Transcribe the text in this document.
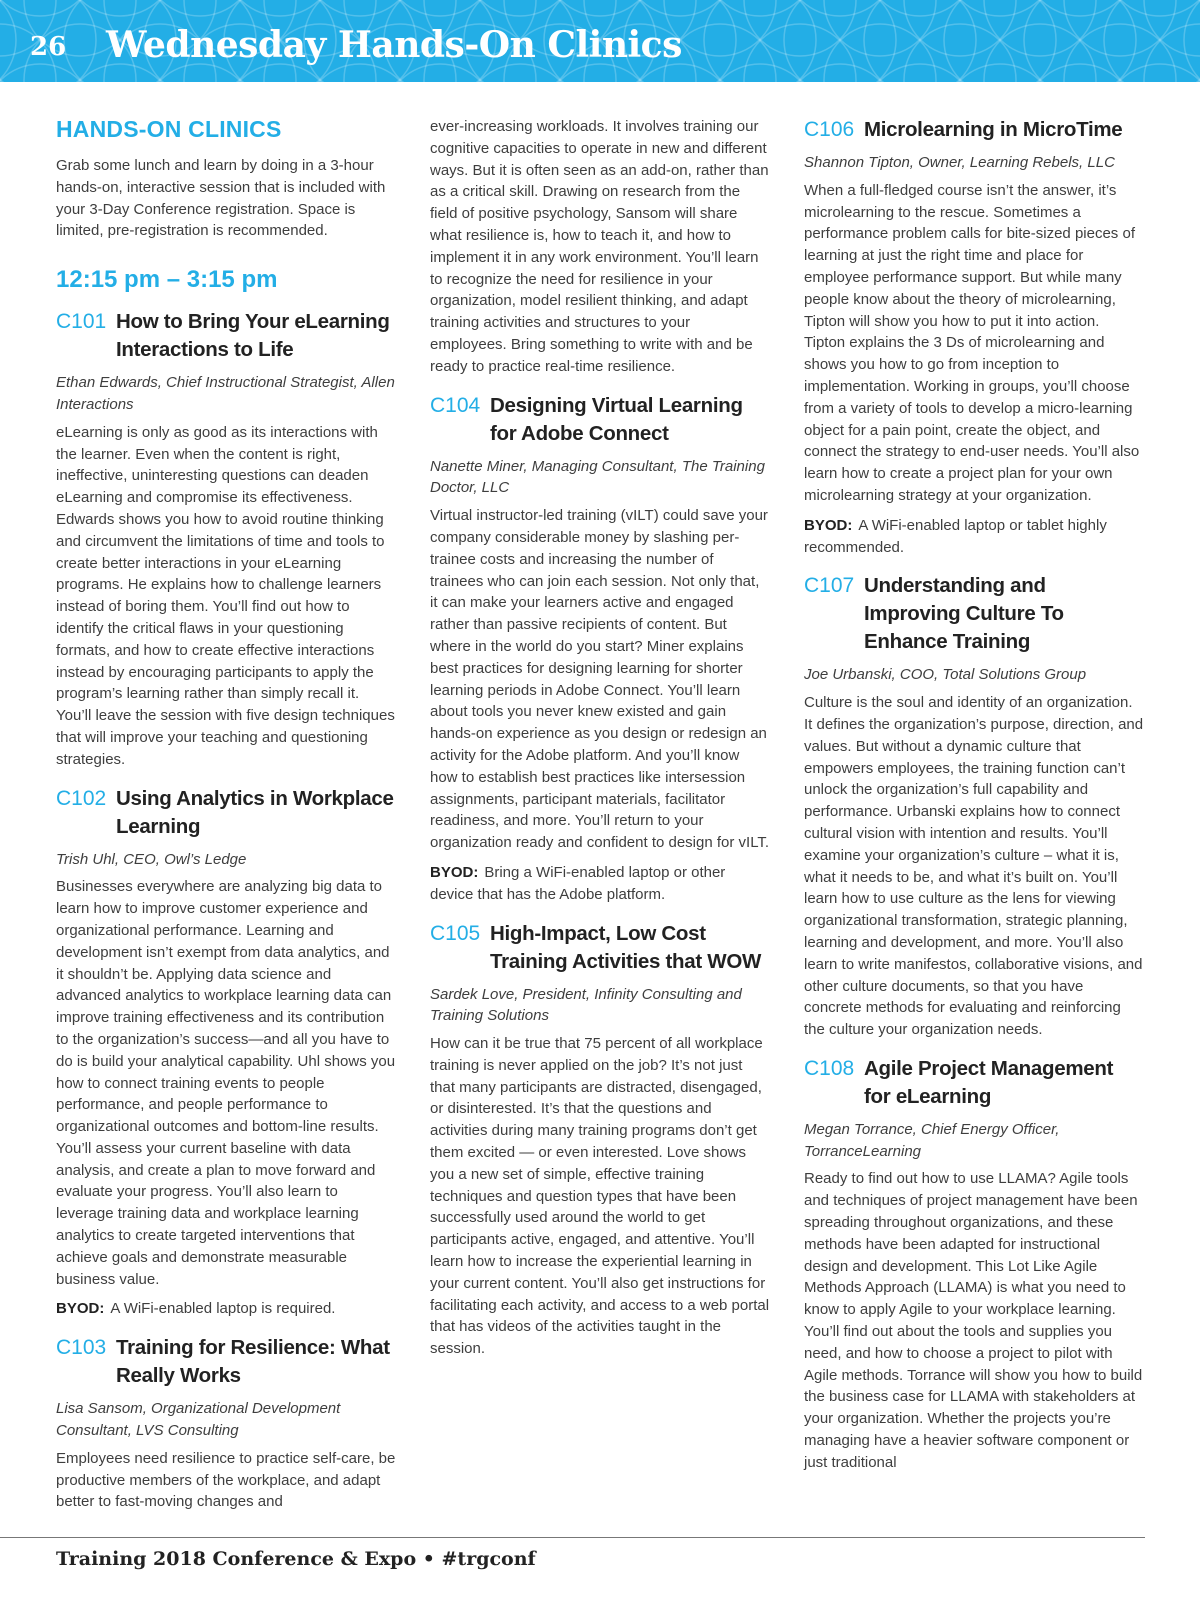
26 Wednesday Hands-On Clinics
HANDS-ON CLINICS

Grab some lunch and learn by doing in a 3-hour hands-on, interactive session that is included with your 3-Day Conference registration. Space is limited, pre-registration is recommended.

12:15 pm – 3:15 pm
C101 How to Bring Your eLearning Interactions to Life

Ethan Edwards, Chief Instructional Strategist, Allen Interactions

eLearning is only as good as its interactions with the learner. Even when the content is right, ineffective, uninteresting questions can deaden eLearning and compromise its effectiveness. Edwards shows you how to avoid routine thinking and circumvent the limitations of time and tools to create better interactions in your eLearning programs. He explains how to challenge learners instead of boring them. You’ll find out how to identify the critical flaws in your questioning formats, and how to create effective interactions instead by encouraging participants to apply the program’s learning rather than simply recall it. You’ll leave the session with five design techniques that will improve your teaching and questioning strategies.

C102 Using Analytics in Workplace Learning

Trish Uhl, CEO, Owl’s Ledge

Businesses everywhere are analyzing big data to learn how to improve customer experience and organizational performance. Learning and development isn’t exempt from data analytics, and it shouldn’t be. Applying data science and advanced analytics to workplace learning data can improve training effectiveness and its contribution to the organization’s success—and all you have to do is build your analytical capability. Uhl shows you how to connect training events to people performance, and people performance to organizational outcomes and bottom-line results. You’ll assess your current baseline with data analysis, and create a plan to move forward and evaluate your progress. You’ll also learn to leverage training data and workplace learning analytics to create targeted interventions that achieve goals and demonstrate measurable business value.

BYOD: A WiFi-enabled laptop is required.

C103 Training for Resilience: What Really Works

Lisa Sansom, Organizational Development Consultant, LVS Consulting

Employees need resilience to practice self-care, be productive members of the workplace, and adapt better to fast-moving changes and

ever-increasing workloads. It involves training our cognitive capacities to operate in new and different ways. But it is often seen as an add-on, rather than as a critical skill. Drawing on research from the field of positive psychology, Sansom will share what resilience is, how to teach it, and how to implement it in any work environment. You’ll learn to recognize the need for resilience in your organization, model resilient thinking, and adapt training activities and structures to your employees. Bring something to write with and be ready to practice real-time resilience.

C104 Designing Virtual Learning for Adobe Connect

Nanette Miner, Managing Consultant, The Training Doctor, LLC

Virtual instructor-led training (vILT) could save your company considerable money by slashing per-trainee costs and increasing the number of trainees who can join each session. Not only that, it can make your learners active and engaged rather than passive recipients of content. But where in the world do you start? Miner explains best practices for designing learning for shorter learning periods in Adobe Connect. You’ll learn about tools you never knew existed and gain hands-on experience as you design or redesign an activity for the Adobe platform. And you’ll know how to establish best practices like intersession assignments, participant materials, facilitator readiness, and more. You’ll return to your organization ready and confident to design for vILT.

BYOD: Bring a WiFi-enabled laptop or other device that has the Adobe platform.

C105 High-Impact, Low Cost Training Activities that WOW

Sardek Love, President, Infinity Consulting and Training Solutions

How can it be true that 75 percent of all workplace training is never applied on the job? It’s not just that many participants are distracted, disengaged, or disinterested. It’s that the questions and activities during many training programs don’t get them excited — or even interested. Love shows you a new set of simple, effective training techniques and question types that have been successfully used around the world to get participants active, engaged, and attentive. You’ll learn how to increase the experiential learning in your current content. You’ll also get instructions for facilitating each activity, and access to a web portal that has videos of the activities taught in the session.

C106 Microlearning in MicroTime

Shannon Tipton, Owner, Learning Rebels, LLC

When a full-fledged course isn’t the answer, it’s microlearning to the rescue. Sometimes a performance problem calls for bite-sized pieces of learning at just the right time and place for employee performance support. But while many people know about the theory of microlearning, Tipton will show you how to put it into action. Tipton explains the 3 Ds of microlearning and shows you how to go from inception to implementation. Working in groups, you’ll choose from a variety of tools to develop a micro-learning object for a pain point, create the object, and connect the strategy to end-user needs. You’ll also learn how to create a project plan for your own microlearning strategy at your organization.

BYOD: A WiFi-enabled laptop or tablet highly recommended.

C107 Understanding and Improving Culture To Enhance Training

Joe Urbanski, COO, Total Solutions Group

Culture is the soul and identity of an organization. It defines the organization’s purpose, direction, and values. But without a dynamic culture that empowers employees, the training function can’t unlock the organization’s full capability and performance. Urbanski explains how to connect cultural vision with intention and results. You’ll examine your organization’s culture – what it is, what it needs to be, and what it’s built on. You’ll learn how to use culture as the lens for viewing organizational transformation, strategic planning, learning and development, and more. You’ll also learn to write manifestos, collaborative visions, and other culture documents, so that you have concrete methods for evaluating and reinforcing the culture your organization needs.

C108 Agile Project Management for eLearning

Megan Torrance, Chief Energy Officer, TorranceLearning

Ready to find out how to use LLAMA? Agile tools and techniques of project management have been spreading throughout organizations, and these methods have been adapted for instructional design and development. This Lot Like Agile Methods Approach (LLAMA) is what you need to know to apply Agile to your workplace learning. You’ll find out about the tools and supplies you need, and how to choose a project to pilot with Agile methods. Torrance will show you how to build the business case for LLAMA with stakeholders at your organization. Whether the projects you’re managing have a heavier software component or just traditional

Training 2018 Conference & Expo • #trgconf
